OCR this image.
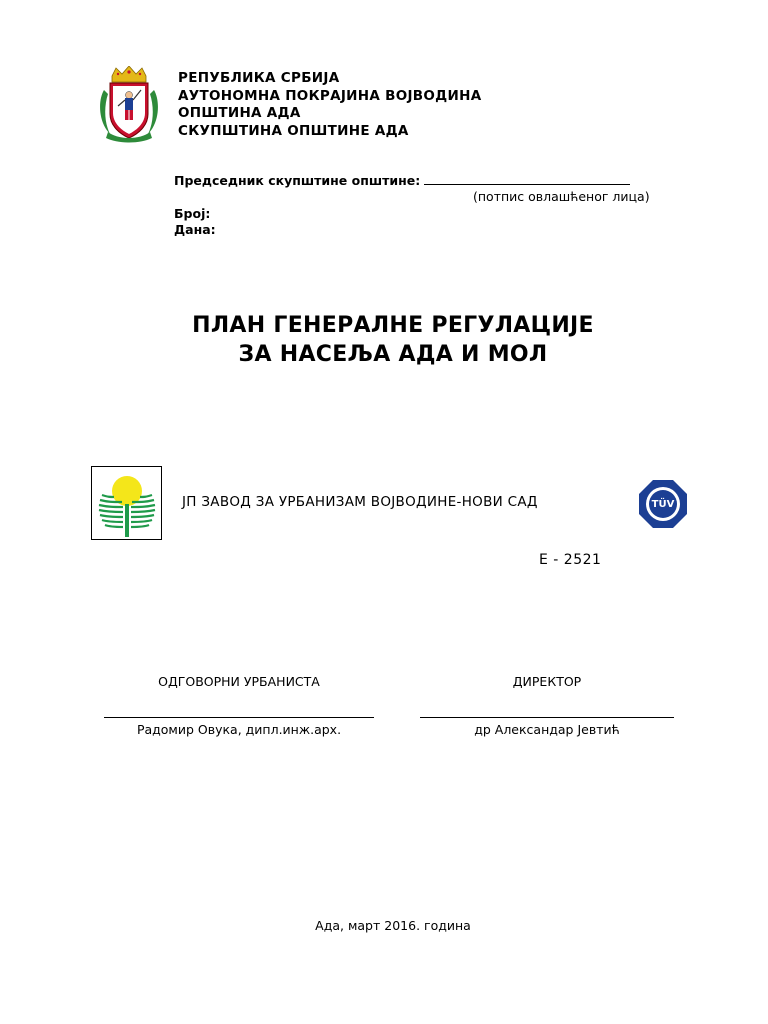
РЕПУБЛИКА СРБИЈА
АУТОНОМНА ПОКРАЈИНА ВОЈВОДИНА
ОПШТИНА АДА
СКУПШТИНА ОПШТИНЕ АДА
Председник скупштине општине:
(потпис овлашћеног лица)
Број:
Дана:
ПЛАН ГЕНЕРАЛНЕ РЕГУЛАЦИЈЕ
ЗА НАСЕЉА АДА И МОЛ
ЈП ЗАВОД ЗА УРБАНИЗАМ ВОЈВОДИНЕ-НОВИ САД	TÜV
Е - 2521
ОДГОВОРНИ УРБАНИСТА	ДИРЕКТОР
Радомир Овука, дипл.инж.арх.	др Александар Јевтић
Ада, март 2016. година
